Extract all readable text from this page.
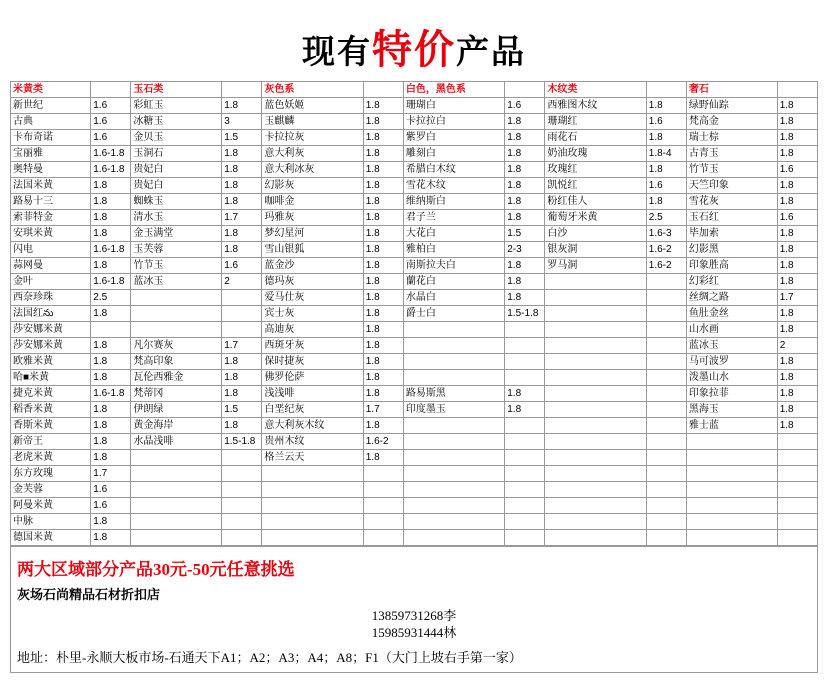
现有特价产品
米黄类		玉石类		灰色系		白色，黑色系		木纹类		奢石	
新世纪	1.6	彩虹玉	1.8	蓝色妖姬	1.8	珊瑚白	1.6	西雅图木纹	1.8	绿野仙踪	1.8
古典	1.6	冰糖玉	3	玉麒麟	1.8	卡拉拉白	1.8	珊瑚红	1.6	梵高金	1.8
卡布奇诺	1.6	金贝玉	1.5	卡拉拉灰	1.8	紫罗白	1.8	雨花石	1.8	瑞士棕	1.8
宝丽雅	1.6-1.8	玉洞石	1.8	意大利灰	1.8	雕刻白	1.8	奶油玫瑰	1.8-4	古青玉	1.8
奥特曼	1.6-1.8	贵妃白	1.8	意大利冰灰	1.8	希腊白木纹	1.8	玫瑰红	1.8	竹节玉	1.6
法国米黄	1.8	贵妃白	1.8	幻影灰	1.8	雪花木纹	1.8	凯悦红	1.6	天竺印象	1.8
路易十三	1.8	蜘蛛玉	1.8	咖啡金	1.8	维纳斯白	1.8	粉红佳人	1.8	雪花灰	1.8
索菲特金	1.8	清水玉	1.7	玛雅灰	1.8	君子兰	1.8	葡萄牙米黄	2.5	玉石红	1.6
安琪米黄	1.8	金玉满堂	1.8	梦幻星河	1.8	大花白	1.5	白沙	1.6-3	毕加索	1.8
闪电	1.6-1.8	玉芙蓉	1.8	雪山银狐	1.8	雅柏白	2-3	银灰洞	1.6-2	幻影黑	1.8
蒜网曼	1.8	竹节玉	1.6	蓝金沙	1.8	南斯拉夫白	1.8	罗马洞	1.6-2	印象胜高	1.8
金叶	1.6-1.8	蓝冰玉	2	德玛灰	1.8	蘭花白	1.8			幻彩红	1.8
西奈珍珠	2.5			爱马仕灰	1.8	水晶白	1.8			丝绸之路	1.7
法国红ను	1.8			宾士灰	1.8	爵士白	1.5-1.8			鱼肚金丝	1.8
莎安娜米黄				高迪灰	1.8					山水画	1.8
莎安娜米黄	1.8	凡尔赛灰	1.7	西斑牙灰	1.8					蓝冰玉	2
欧雅米黄	1.8	梵高印象	1.8	保时捷灰	1.8					马可波罗	1.8
哈■米黄	1.8	瓦伦西雅金	1.8	佛罗伦萨	1.8					泼墨山水	1.8
捷克米黄	1.6-1.8	梵蒂冈	1.8	浅浅啡	1.8	路易斯黑	1.8			印象拉菲	1.8
稻香米黄	1.8	伊朗绿	1.5	白垩纪灰	1.7	印度墨玉	1.8			黑海玉	1.8
香斯米黄	1.8	黄金海岸	1.8	意大利灰木纹	1.8					雅士蓝	1.8
新帝王	1.8	水晶浅啡	1.5-1.8	贵州木纹	1.6-2						
老虎米黄	1.8			格兰云天	1.8						
东方玫瑰	1.7										
金芙蓉	1.6										
阿曼米黄	1.6										
中脉	1.8										
德国米黄	1.8										
两大区域部分产品30元-50元任意挑选
灰场石尚精品石材折扣店
13859731268李
15985931444林
地址：朴里-永顺大板市场-石通天下A1；A2；A3；A4；A8；F1（大门上坡右手第一家）
